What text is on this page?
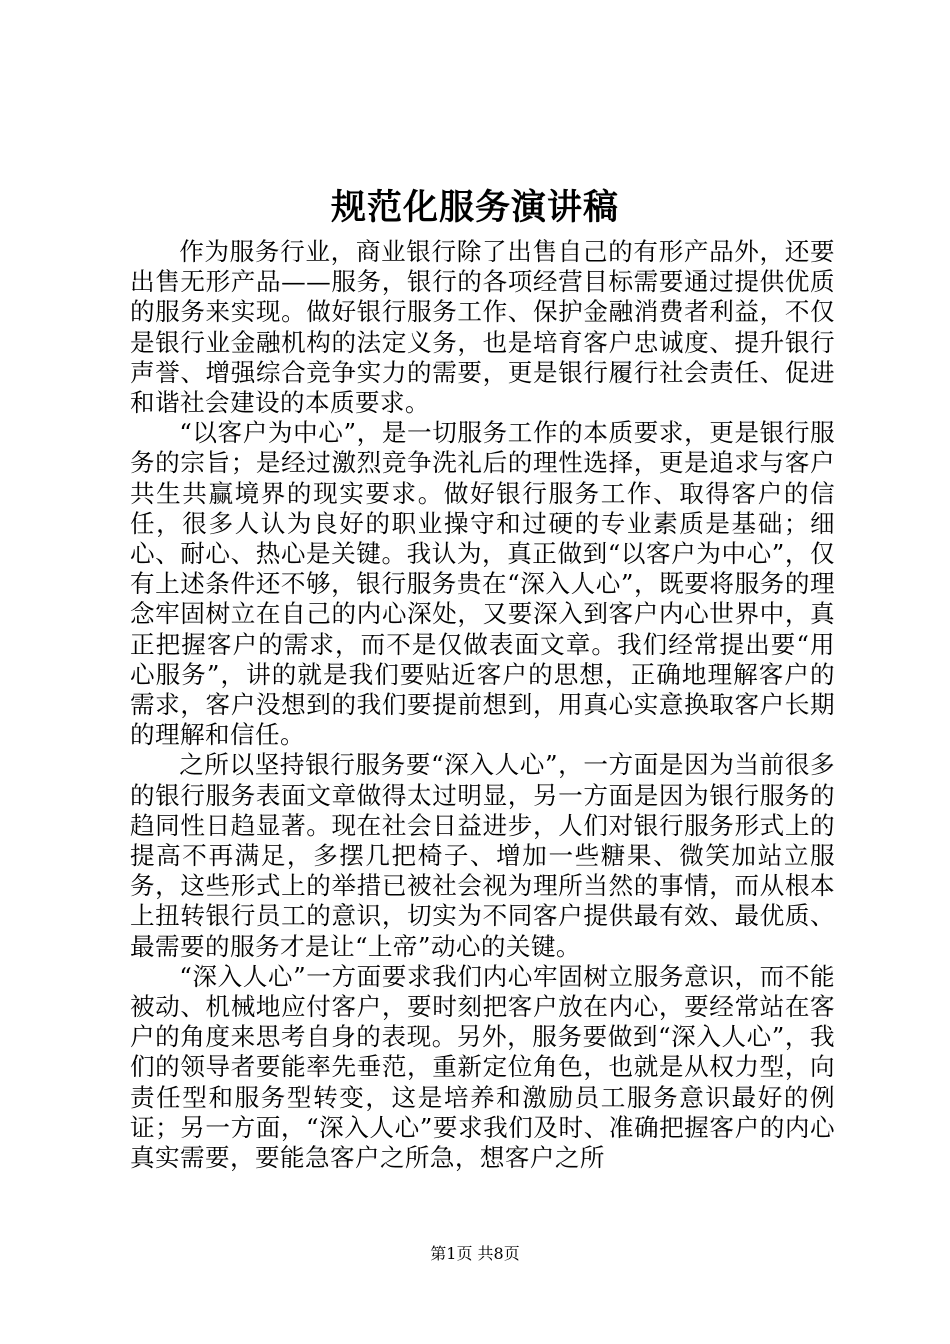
规范化服务演讲稿

作为服务行业，商业银行除了出售自己的有形产品外，还要出售无形产品——服务，银行的各项经营目标需要通过提供优质的服务来实现。做好银行服务工作、保护金融消费者利益，不仅是银行业金融机构的法定义务，也是培育客户忠诚度、提升银行声誉、增强综合竞争实力的需要，更是银行履行社会责任、促进和谐社会建设的本质要求。

“以客户为中心”，是一切服务工作的本质要求，更是银行服务的宗旨；是经过激烈竞争洗礼后的理性选择，更是追求与客户共生共赢境界的现实要求。做好银行服务工作、取得客户的信任，很多人认为良好的职业操守和过硬的专业素质是基础；细心、耐心、热心是关键。我认为，真正做到“以客户为中心”，仅有上述条件还不够，银行服务贵在“深入人心”，既要将服务的理念牢固树立在自己的内心深处，又要深入到客户内心世界中，真正把握客户的需求，而不是仅做表面文章。我们经常提出要“用心服务”，讲的就是我们要贴近客户的思想，正确地理解客户的需求，客户没想到的我们要提前想到，用真心实意换取客户长期的理解和信任。

之所以坚持银行服务要“深入人心”，一方面是因为当前很多的银行服务表面文章做得太过明显，另一方面是因为银行服务的趋同性日趋显著。现在社会日益进步，人们对银行服务形式上的提高不再满足，多摆几把椅子、增加一些糖果、微笑加站立服务，这些形式上的举措已被社会视为理所当然的事情，而从根本上扭转银行员工的意识，切实为不同客户提供最有效、最优质、最需要的服务才是让“上帝”动心的关键。

“深入人心”一方面要求我们内心牢固树立服务意识，而不能被动、机械地应付客户，要时刻把客户放在内心，要经常站在客户的角度来思考自身的表现。另外，服务要做到“深入人心”，我们的领导者要能率先垂范，重新定位角色，也就是从权力型，向责任型和服务型转变，这是培养和激励员工服务意识最好的例证；另一方面，“深入人心”要求我们及时、准确把握客户的内心真实需要，要能急客户之所急，想客户之所

第1页 共8页
